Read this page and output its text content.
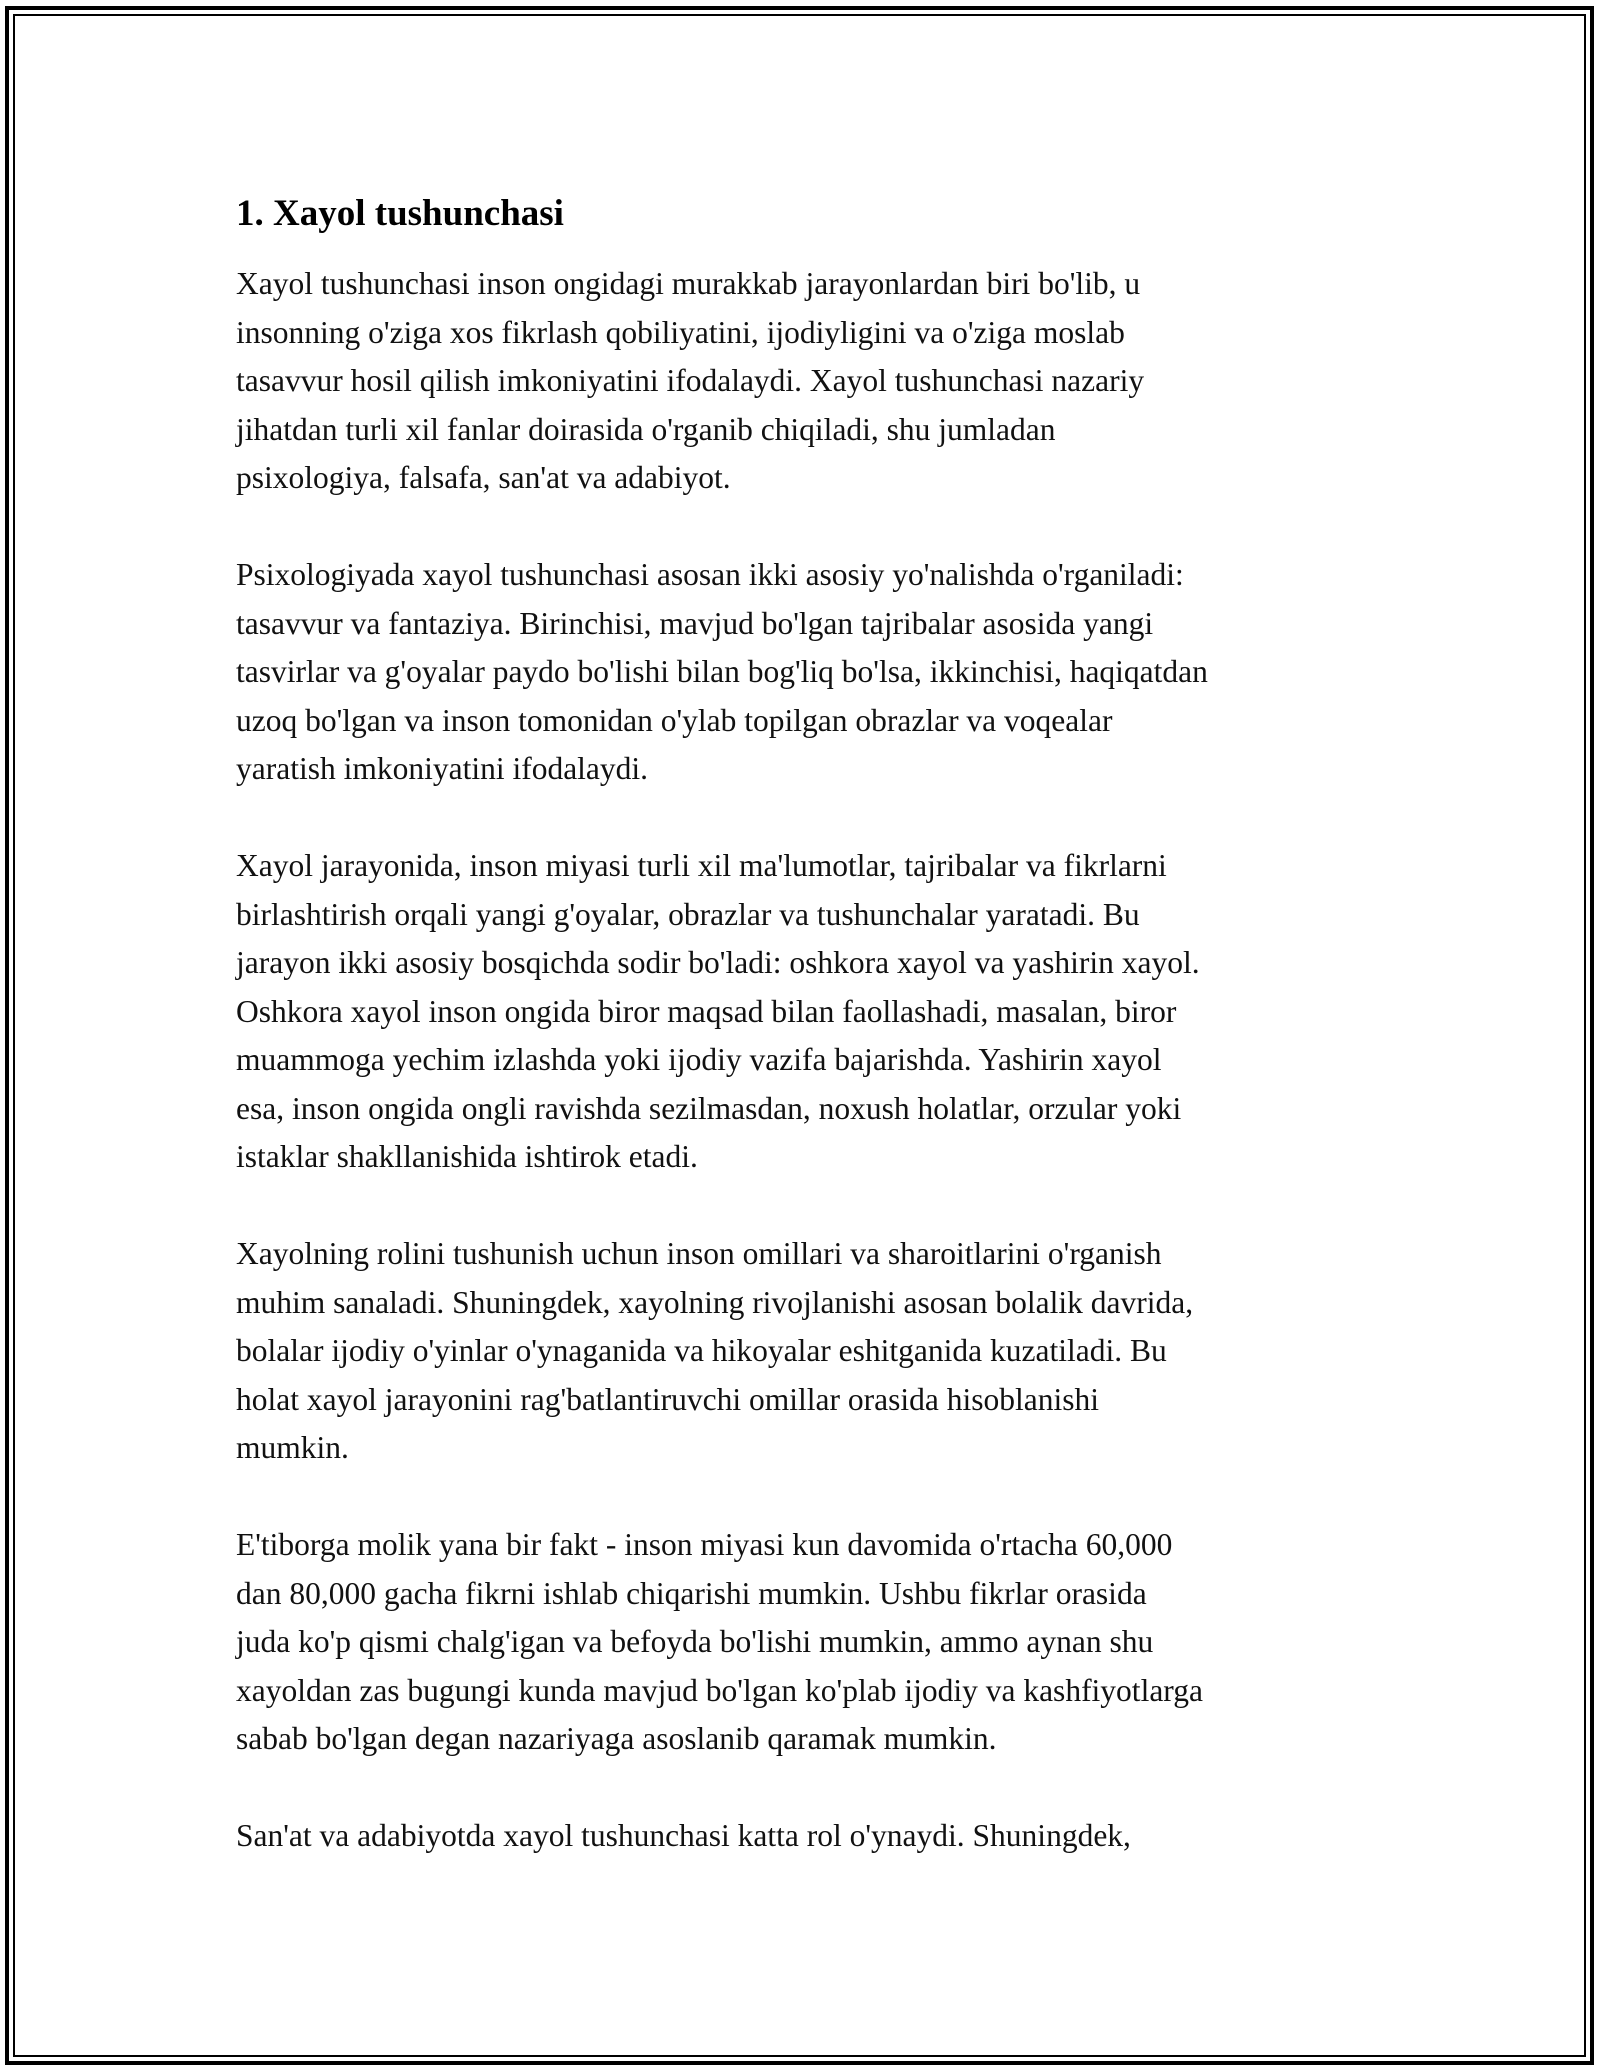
1. Xayol tushunchasi
Xayol tushunchasi inson ongidagi murakkab jarayonlardan biri bo'lib, u
insonning o'ziga xos fikrlash qobiliyatini, ijodiyligini va o'ziga moslab
tasavvur hosil qilish imkoniyatini ifodalaydi. Xayol tushunchasi nazariy
jihatdan turli xil fanlar doirasida o'rganib chiqiladi, shu jumladan
psixologiya, falsafa, san'at va adabiyot.
Psixologiyada xayol tushunchasi asosan ikki asosiy yo'nalishda o'rganiladi:
tasavvur va fantaziya. Birinchisi, mavjud bo'lgan tajribalar asosida yangi
tasvirlar va g'oyalar paydo bo'lishi bilan bog'liq bo'lsa, ikkinchisi, haqiqatdan
uzoq bo'lgan va inson tomonidan o'ylab topilgan obrazlar va voqealar
yaratish imkoniyatini ifodalaydi.
Xayol jarayonida, inson miyasi turli xil ma'lumotlar, tajribalar va fikrlarni
birlashtirish orqali yangi g'oyalar, obrazlar va tushunchalar yaratadi. Bu
jarayon ikki asosiy bosqichda sodir bo'ladi: oshkora xayol va yashirin xayol.
Oshkora xayol inson ongida biror maqsad bilan faollashadi, masalan, biror
muammoga yechim izlashda yoki ijodiy vazifa bajarishda. Yashirin xayol
esa, inson ongida ongli ravishda sezilmasdan, noxush holatlar, orzular yoki
istaklar shakllanishida ishtirok etadi.
Xayolning rolini tushunish uchun inson omillari va sharoitlarini o'rganish
muhim sanaladi. Shuningdek, xayolning rivojlanishi asosan bolalik davrida,
bolalar ijodiy o'yinlar o'ynaganida va hikoyalar eshitganida kuzatiladi. Bu
holat xayol jarayonini rag'batlantiruvchi omillar orasida hisoblanishi
mumkin.
E'tiborga molik yana bir fakt - inson miyasi kun davomida o'rtacha 60,000
dan 80,000 gacha fikrni ishlab chiqarishi mumkin. Ushbu fikrlar orasida
juda ko'p qismi chalg'igan va befoyda bo'lishi mumkin, ammo aynan shu
xayoldan zas bugungi kunda mavjud bo'lgan ko'plab ijodiy va kashfiyotlarga
sabab bo'lgan degan nazariyaga asoslanib qaramak mumkin.
San'at va adabiyotda xayol tushunchasi katta rol o'ynaydi. Shuningdek,
